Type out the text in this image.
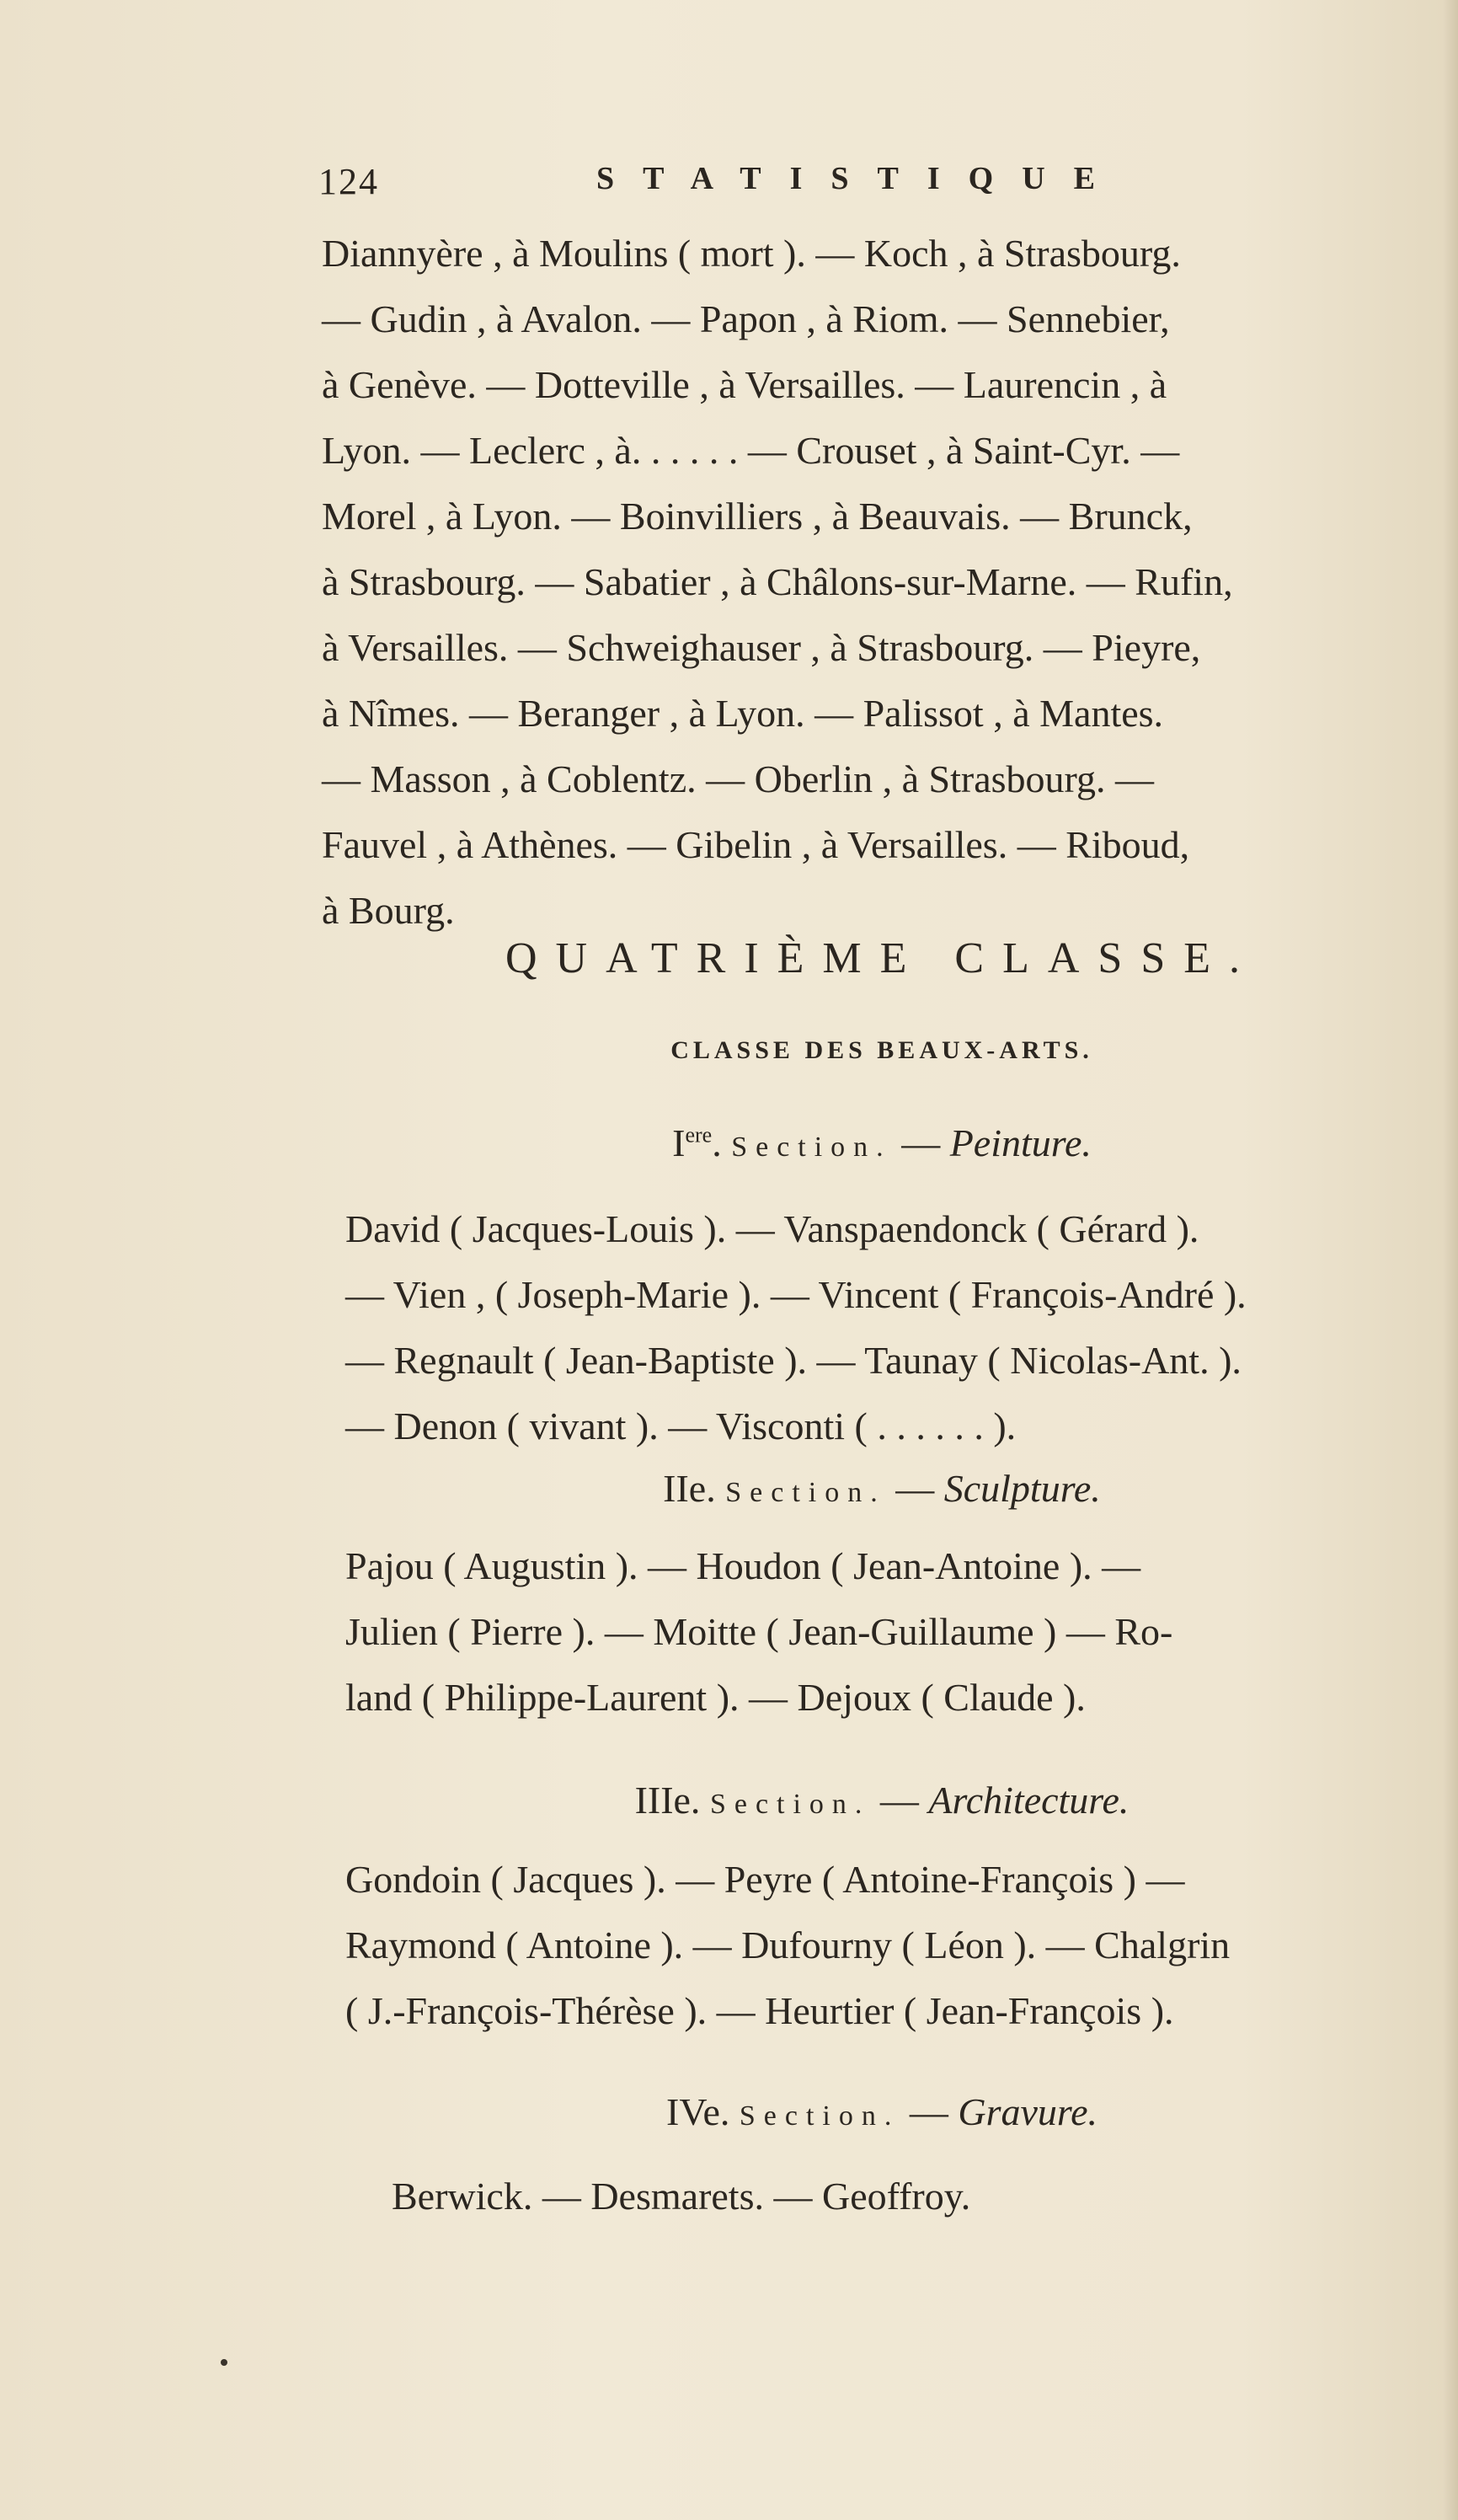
124	STATISTIQUE

Diannyère , à Moulins ( mort ). — Koch , à Strasbourg.

— Gudin , à Avalon. — Papon , à Riom. — Sennebier,

à Genève. — Dotteville , à Versailles. — Laurencin , à

Lyon. — Leclerc , à. . . . . . — Crouset , à Saint-Cyr. —

Morel , à Lyon. — Boinvilliers , à Beauvais. — Brunck,

à Strasbourg. — Sabatier , à Châlons-sur-Marne. — Rufin,

à Versailles. — Schweighauser , à Strasbourg. — Pieyre,

à Nîmes. — Beranger , à Lyon. — Palissot , à Mantes.

— Masson , à Coblentz. — Oberlin , à Strasbourg. —

Fauvel , à Athènes. — Gibelin , à Versailles. — Riboud,

à Bourg.

QUATRIÈME CLASSE.
CLASSE DES BEAUX-ARTS.
Iere. Section. — Peinture.

David ( Jacques-Louis ). — Vanspaendonck ( Gérard ).

— Vien , ( Joseph-Marie ). — Vincent ( François-André ).

— Regnault ( Jean-Baptiste ). — Taunay ( Nicolas-Ant. ).

— Denon ( vivant ). — Visconti ( . . . . . . ).

IIe. Section. — Sculpture.

Pajou ( Augustin ). — Houdon ( Jean-Antoine ). —

Julien ( Pierre ). — Moitte ( Jean-Guillaume ) — Ro-

land ( Philippe-Laurent ). — Dejoux ( Claude ).

IIIe. Section. — Architecture.

Gondoin ( Jacques ). — Peyre ( Antoine-François ) —

Raymond ( Antoine ). — Dufourny ( Léon ). — Chalgrin

( J.-François-Thérèse ). — Heurtier ( Jean-François ).

IVe. Section. — Gravure.

Berwick. — Desmarets. — Geoffroy.
